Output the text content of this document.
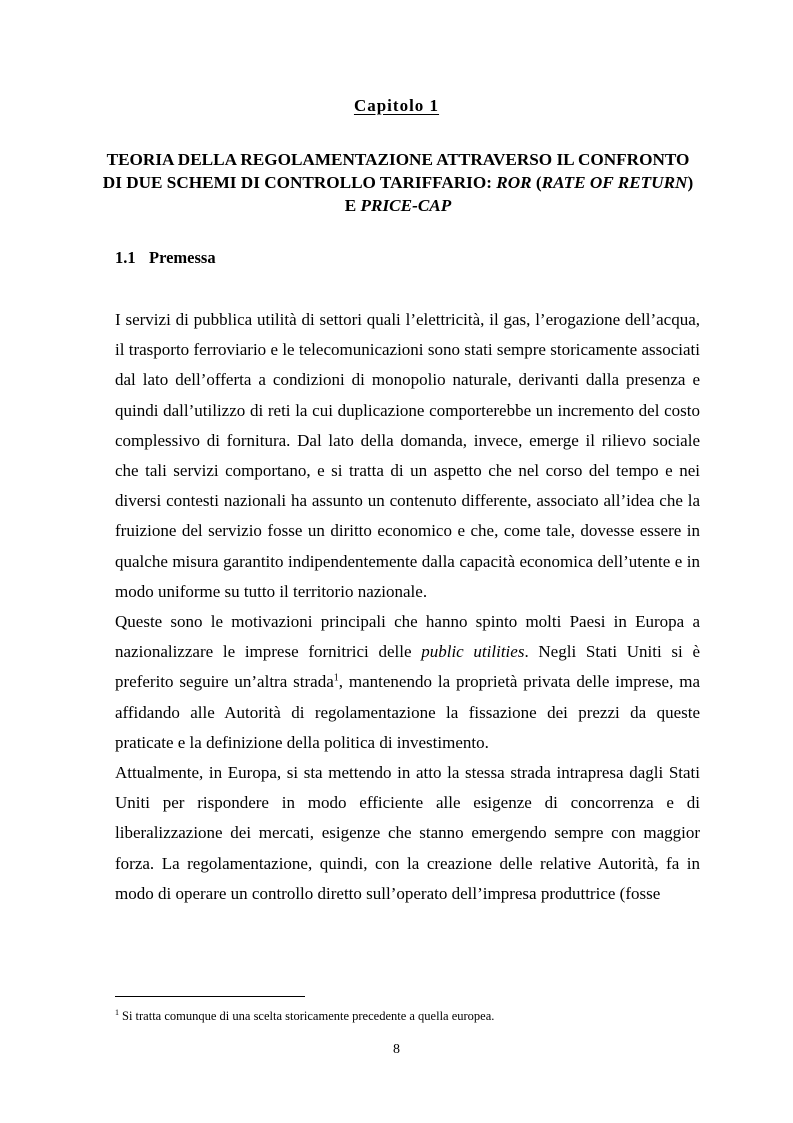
Capitolo 1
TEORIA DELLA REGOLAMENTAZIONE ATTRAVERSO IL CONFRONTO DI DUE SCHEMI DI CONTROLLO TARIFFARIO: ROR (RATE OF RETURN) E PRICE-CAP
1.1 Premessa

I servizi di pubblica utilità di settori quali l’elettricità, il gas, l’erogazione dell’acqua, il trasporto ferroviario e le telecomunicazioni sono stati sempre storicamente associati dal lato dell’offerta a condizioni di monopolio naturale, derivanti dalla presenza e quindi dall’utilizzo di reti la cui duplicazione comporterebbe un incremento del costo complessivo di fornitura. Dal lato della domanda, invece, emerge il rilievo sociale che tali servizi comportano, e si tratta di un aspetto che nel corso del tempo e nei diversi contesti nazionali ha assunto un contenuto differente, associato all’idea che la fruizione del servizio fosse un diritto economico e che, come tale, dovesse essere in qualche misura garantito indipendentemente dalla capacità economica dell’utente e in modo uniforme su tutto il territorio nazionale.

Queste sono le motivazioni principali che hanno spinto molti Paesi in Europa a nazionalizzare le imprese fornitrici delle public utilities. Negli Stati Uniti si è preferito seguire un’altra strada$^1$, mantenendo la proprietà privata delle imprese, ma affidando alle Autorità di regolamentazione la fissazione dei prezzi da queste praticate e la definizione della politica di investimento.

Attualmente, in Europa, si sta mettendo in atto la stessa strada intrapresa dagli Stati Uniti per rispondere in modo efficiente alle esigenze di concorrenza e di liberalizzazione dei mercati, esigenze che stanno emergendo sempre con maggior forza. La regolamentazione, quindi, con la creazione delle relative Autorità, fa in modo di operare un controllo diretto sull’operato dell’impresa produttrice (fosse

$^1$ Si tratta comunque di una scelta storicamente precedente a quella europea.
8
